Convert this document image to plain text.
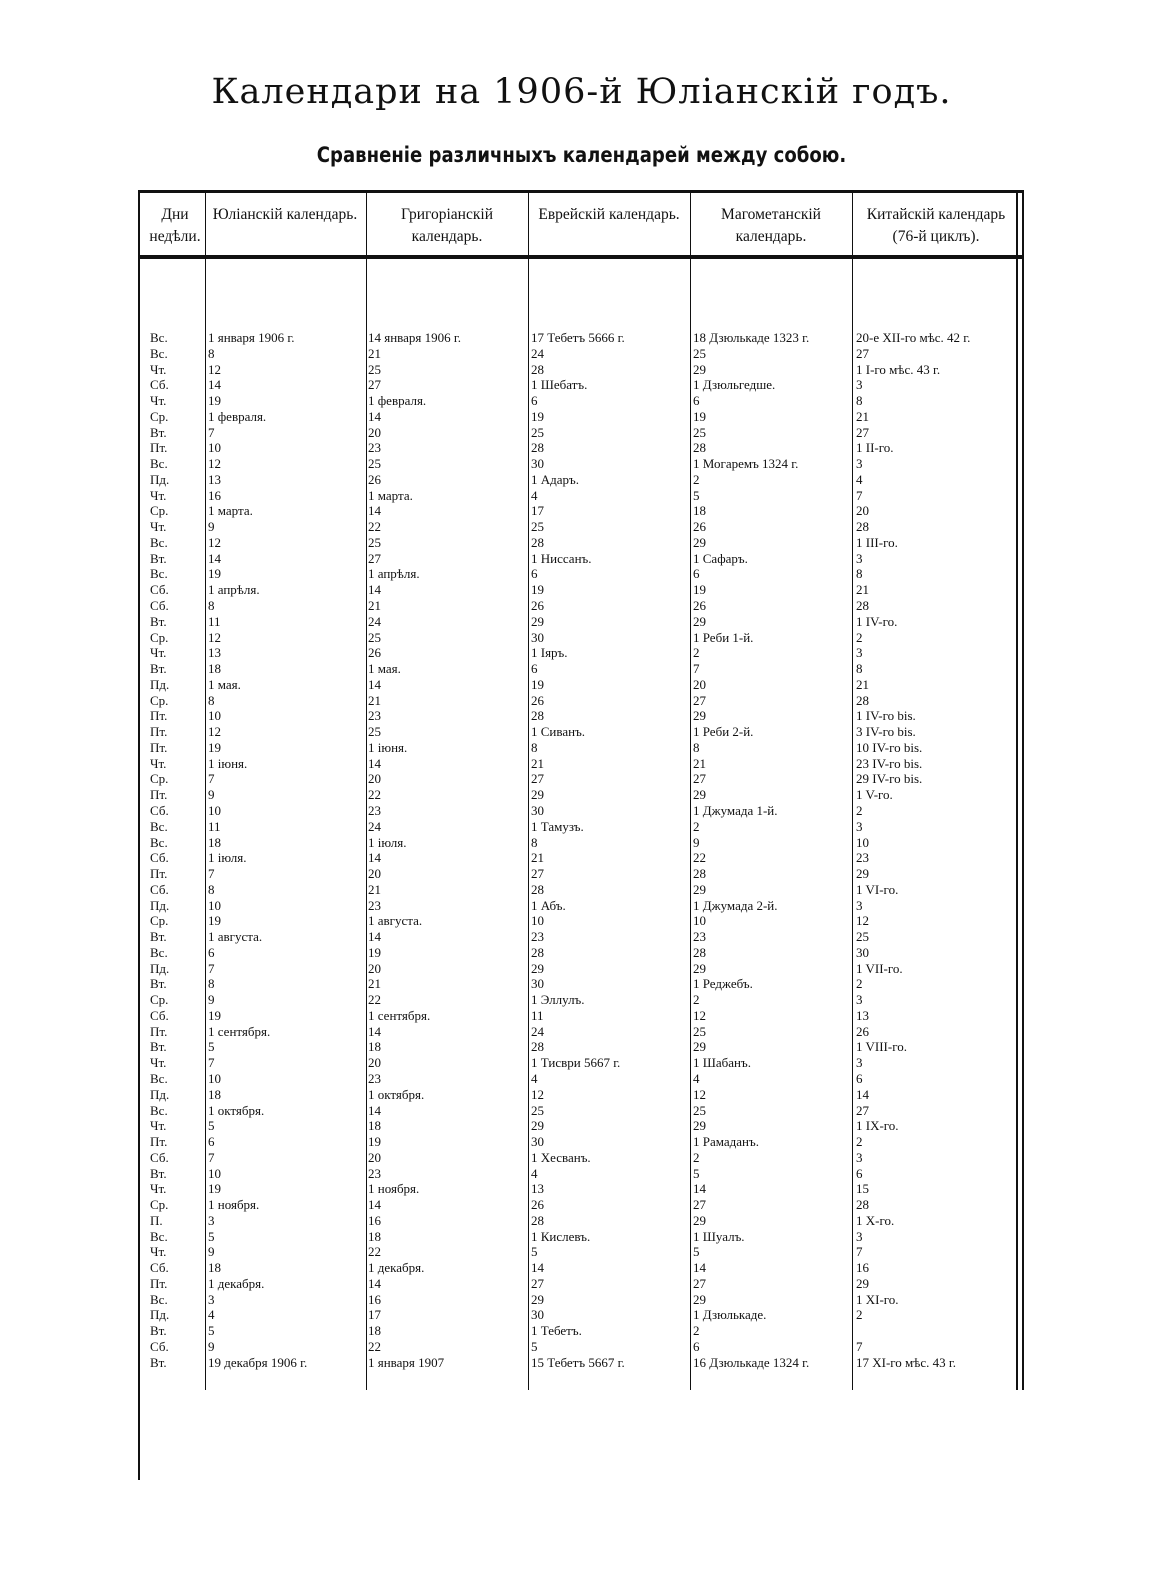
Календари на 1906-й Юліанскій годъ.
Сравненіе различныхъ календарей между собою.
Дни недѣли.
Юліанскій календарь.	Григоріанскій календарь.
Еврейскій календарь.	Магометанскій календарь.
Китайскій календарь (76-й циклъ).
Вс.	1 января 1906 г.	14 января 1906 г.	17 Тебетъ 5666 г.	18 Дзюлькаде 1323 г.	20-е XII-го мѣс. 42 г.
Вс.	8	21	24	25	27
Чт.	12	25	28	29	1 I-го мѣс. 43 г.
Сб.	14	27	1 Шебатъ.	1 Дзюльгедше.	3
Чт.	19	1 февраля.	6	6	8
Ср.	1 февраля.	14	19	19	21
Вт.	7	20	25	25	27
Пт.	10	23	28	28	1 II-го.
Вс.	12	25	30	1 Могаремъ 1324 г.	3
Пд.	13	26	1 Адаръ.	2	4
Чт.	16	1 марта.	4	5	7
Ср.	1 марта.	14	17	18	20
Чт.	9	22	25	26	28
Вс.	12	25	28	29	1 III-го.
Вт.	14	27	1 Ниссанъ.	1 Сафаръ.	3
Вс.	19	1 апрѣля.	6	6	8
Сб.	1 апрѣля.	14	19	19	21
Сб.	8	21	26	26	28
Вт.	11	24	29	29	1 IV-го.
Ср.	12	25	30	1 Реби 1-й.	2
Чт.	13	26	1 Іяръ.	2	3
Вт.	18	1 мая.	6	7	8
Пд.	1 мая.	14	19	20	21
Ср.	8	21	26	27	28
Пт.	10	23	28	29	1 IV-го bis.
Пт.	12	25	1 Сиванъ.	1 Реби 2-й.	3 IV-го bis.
Пт.	19	1 іюня.	8	8	10 IV-го bis.
Чт.	1 іюня.	14	21	21	23 IV-го bis.
Ср.	7	20	27	27	29 IV-го bis.
Пт.	9	22	29	29	1 V-го.
Сб.	10	23	30	1 Джумада 1-й.	2
Вс.	11	24	1 Тамузъ.	2	3
Вс.	18	1 іюля.	8	9	10
Сб.	1 іюля.	14	21	22	23
Пт.	7	20	27	28	29
Сб.	8	21	28	29	1 VI-го.
Пд.	10	23	1 Абъ.	1 Джумада 2-й.	3
Ср.	19	1 августа.	10	10	12
Вт.	1 августа.	14	23	23	25
Вс.	6	19	28	28	30
Пд.	7	20	29	29	1 VII-го.
Вт.	8	21	30	1 Реджебъ.	2
Ср.	9	22	1 Эллулъ.	2	3
Сб.	19	1 сентября.	11	12	13
Пт.	1 сентября.	14	24	25	26
Вт.	5	18	28	29	1 VIII-го.
Чт.	7	20	1 Тисври 5667 г.	1 Шабанъ.	3
Вс.	10	23	4	4	6
Пд.	18	1 октября.	12	12	14
Вс.	1 октября.	14	25	25	27
Чт.	5	18	29	29	1 IX-го.
Пт.	6	19	30	1 Рамаданъ.	2
Сб.	7	20	1 Хесванъ.	2	3
Вт.	10	23	4	5	6
Чт.	19	1 ноября.	13	14	15
Ср.	1 ноября.	14	26	27	28
П.	3	16	28	29	1 X-го.
Вс.	5	18	1 Кислевъ.	1 Шуалъ.	3
Чт.	9	22	5	5	7
Сб.	18	1 декабря.	14	14	16
Пт.	1 декабря.	14	27	27	29
Вс.	3	16	29	29	1 XI-го.
Пд.	4	17	30	1 Дзюлькаде.	2
Вт.	5	18	1 Тебетъ.	2
Сб.	9	22	5	6	7
Вт.	19 декабря 1906 г.	1 января 1907	15 Тебетъ 5667 г.	16 Дзюлькаде 1324 г.	17 XI-го мѣс. 43 г.
